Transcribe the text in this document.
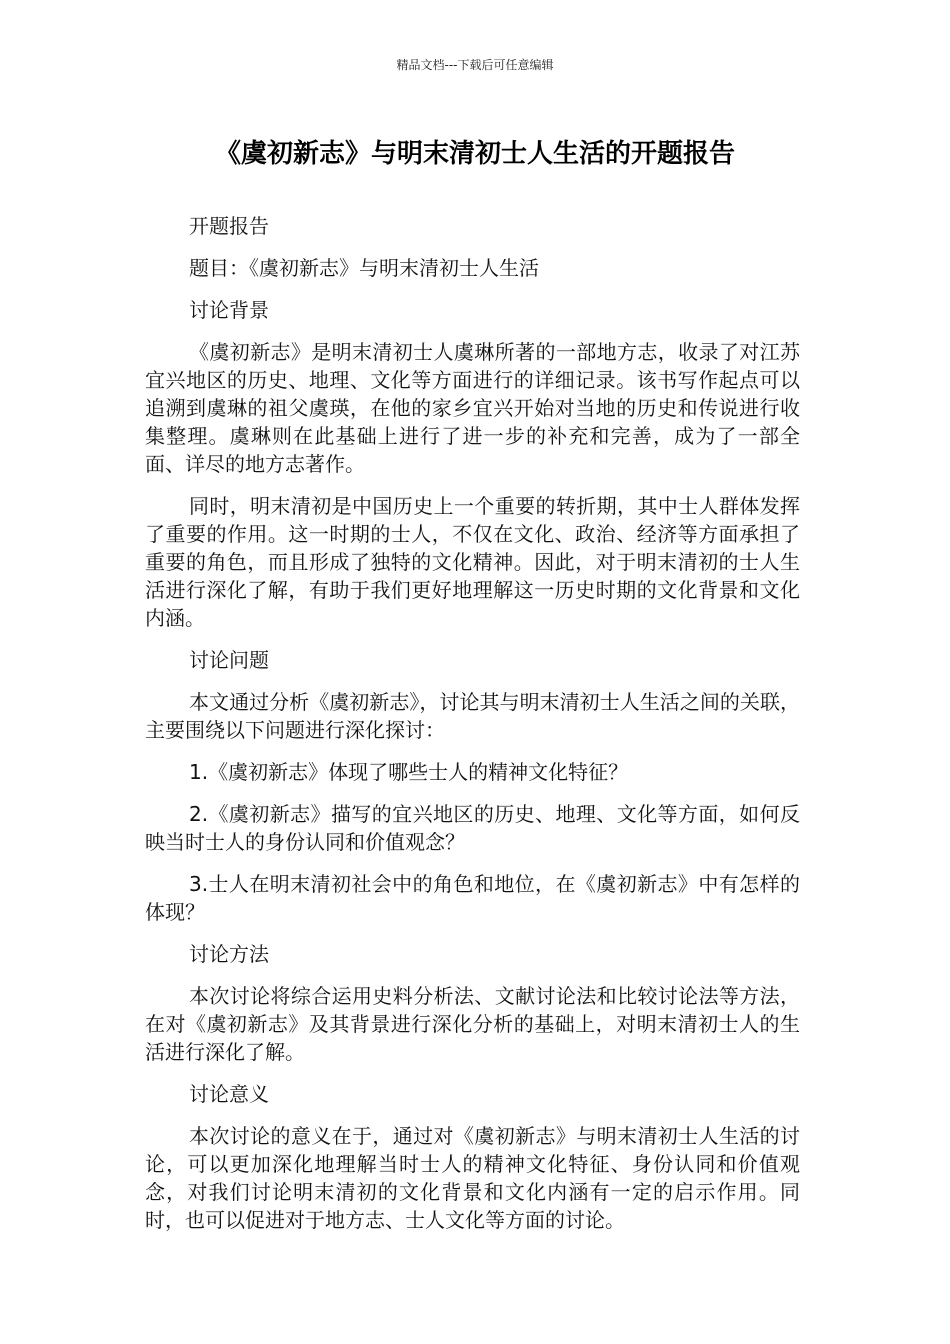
精品文档---下载后可任意编辑
《虞初新志》与明末清初士人生活的开题报告

开题报告

题目：《虞初新志》与明末清初士人生活

讨论背景

《虞初新志》是明末清初士人虞琳所著的一部地方志，收录了对江苏宜兴地区的历史、地理、文化等方面进行的详细记录。该书写作起点可以追溯到虞琳的祖父虞瑛，在他的家乡宜兴开始对当地的历史和传说进行收集整理。虞琳则在此基础上进行了进一步的补充和完善，成为了一部全面、详尽的地方志著作。

同时，明末清初是中国历史上一个重要的转折期，其中士人群体发挥了重要的作用。这一时期的士人，不仅在文化、政治、经济等方面承担了重要的角色，而且形成了独特的文化精神。因此，对于明末清初的士人生活进行深化了解，有助于我们更好地理解这一历史时期的文化背景和文化内涵。

讨论问题

本文通过分析《虞初新志》，讨论其与明末清初士人生活之间的关联，主要围绕以下问题进行深化探讨：

1.《虞初新志》体现了哪些士人的精神文化特征？

2.《虞初新志》描写的宜兴地区的历史、地理、文化等方面，如何反映当时士人的身份认同和价值观念？

3.士人在明末清初社会中的角色和地位，在《虞初新志》中有怎样的体现？

讨论方法

本次讨论将综合运用史料分析法、文献讨论法和比较讨论法等方法，在对《虞初新志》及其背景进行深化分析的基础上，对明末清初士人的生活进行深化了解。

讨论意义

本次讨论的意义在于，通过对《虞初新志》与明末清初士人生活的讨论，可以更加深化地理解当时士人的精神文化特征、身份认同和价值观念，对我们讨论明末清初的文化背景和文化内涵有一定的启示作用。同时，也可以促进对于地方志、士人文化等方面的讨论。
